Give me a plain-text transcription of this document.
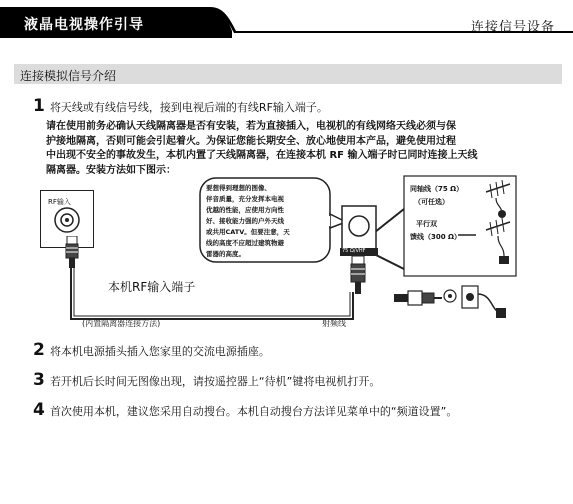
液晶电视操作引导	连接信号设备
连接模拟信号介绍
1 将天线或有线信号线，接到电视后端的有线RF输入端子。
请在使用前务必确认天线隔离器是否有安装，若为直接插入，电视机的有线网络天线必须与保
护接地隔离，否则可能会引起着火。为保证您能长期安全、放心地使用本产品，避免使用过程
中出现不安全的事故发生，本机内置了天线隔离器，在连接本机 RF 输入端子时已同时连接上天线
隔离器。安装方法如下图示：
RF输入
本机RF输入端子
(内置隔离器连接方法)	射频线
要想得到理想的图像、
伴音质量，充分发挥本电视
优越的性能，应使用方向性
好、接收能力强的户外天线
或共用CATV。但要注意，天
线的高度不应超过建筑物避
雷器的高度。	75 Ω/VHF
同轴线（75 Ω）
（可任选）
平行双
馈线（300 Ω）
2 将本机电源插头插入您家里的交流电源插座。
3 若开机后长时间无图像出现，请按遥控器上“待机”键将电视机打开。
4 首次使用本机，建议您采用自动搜台。本机自动搜台方法详见菜单中的“频道设置”。
